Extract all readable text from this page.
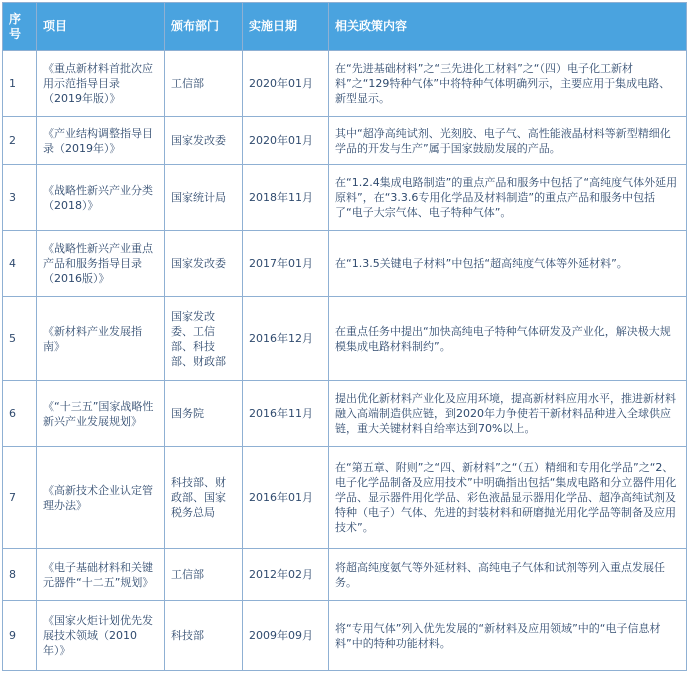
序号	项目	颁布部门	实施日期	相关政策内容
1	《重点新材料首批次应用示范指导目录（2019年版）》	工信部	2020年01月	在“先进基础材料”之“三先进化工材料”之“（四）电子化工新材料”之“129特种气体”中将特种气体明确列示，主要应用于集成电路、新型显示。
2	《产业结构调整指导目录（2019年）》	国家发改委	2020年01月	其中“超净高纯试剂、光刻胶、电子气、高性能液晶材料等新型精细化学品的开发与生产”属于国家鼓励发展的产品。
3	《战略性新兴产业分类（2018）》	国家统计局	2018年11月	在“1.2.4集成电路制造”的重点产品和服务中包括了“高纯度气体外延用原料”，在“3.3.6专用化学品及材料制造”的重点产品和服务中包括了“电子大宗气体、电子特种气体”。
4	《战略性新兴产业重点产品和服务指导目录（2016版）》	国家发改委	2017年01月	在“1.3.5关键电子材料”中包括“超高纯度气体等外延材料”。
5	《新材料产业发展指南》	国家发改委、工信部、科技部、财政部	2016年12月	在重点任务中提出“加快高纯电子特种气体研发及产业化，解决极大规模集成电路材料制约”。
6	《“十三五”国家战略性新兴产业发展规划》	国务院	2016年11月	提出优化新材料产业化及应用环境，提高新材料应用水平，推进新材料融入高端制造供应链，到2020年力争使若干新材料品种进入全球供应链，重大关键材料自给率达到70%以上。
7	《高新技术企业认定管理办法》	科技部、财政部、国家税务总局	2016年01月	在“第五章、附则”之“四、新材料”之“（五）精细和专用化学品”之“2、电子化学品制备及应用技术”中明确指出包括“集成电路和分立器件用化学品、显示器件用化学品、彩色液晶显示器用化学品、超净高纯试剂及特种（电子）气体、先进的封装材料和研磨抛光用化学品等制备及应用技术”。
8	《电子基础材料和关键元器件“十二五”规划》	工信部	2012年02月	将超高纯度氨气等外延材料、高纯电子气体和试剂等列入重点发展任务。
9	《国家火炬计划优先发展技术领域（2010年）》	科技部	2009年09月	将“专用气体”列入优先发展的“新材料及应用领域”中的“电子信息材料”中的特种功能材料。
